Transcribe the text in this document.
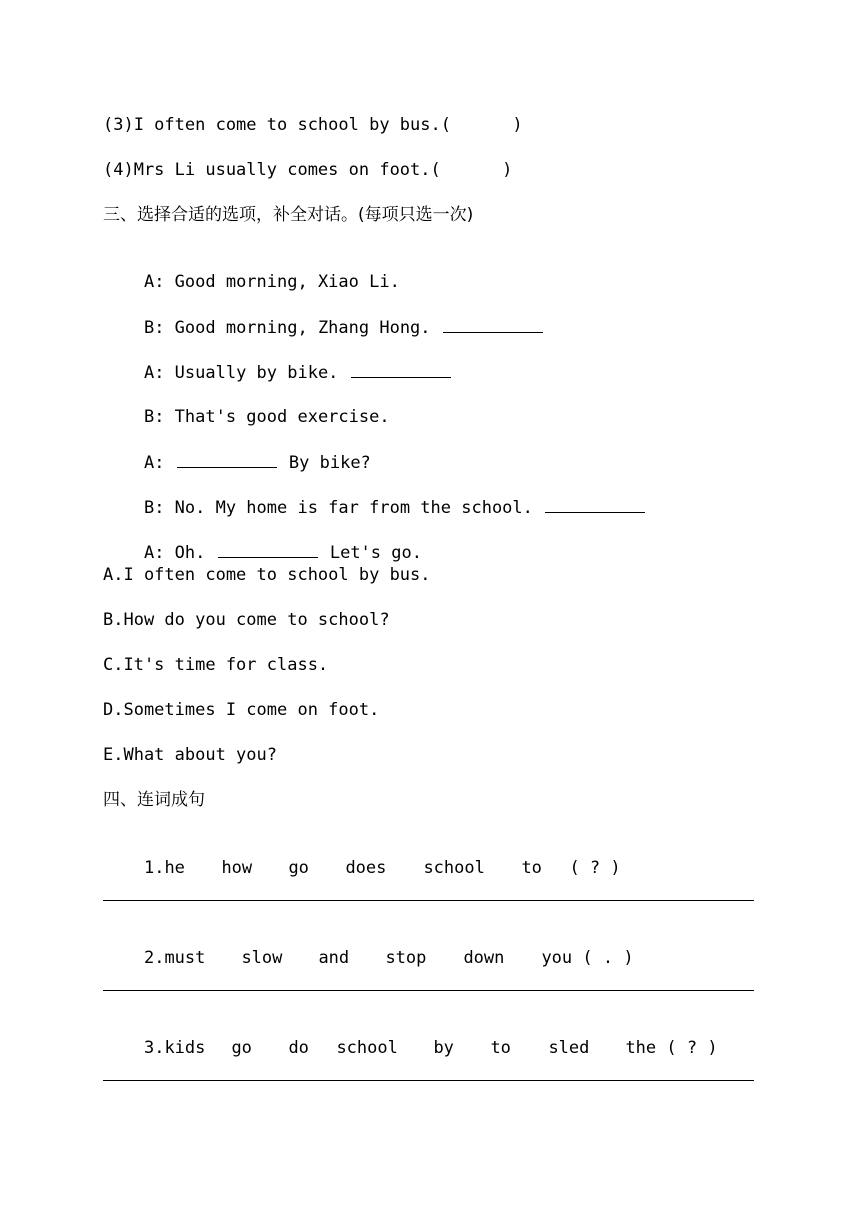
(3)I often come to school by bus.(      )
(4)Mrs Li usually comes on foot.(      )
三、选择合适的选项，补全对话。(每项只选一次)

A: Good morning, Xiao Li.

B: Good morning, Zhang Hong.

A: Usually by bike.

B: That's good exercise.

A:	By bike?

B: No. My home is far from the school.

A: Oh.	Let's go.

A.I often come to school by bus.
B.How do you come to school?
C.It's time for class.
D.Sometimes I come on foot.
E.What about you?
四、连词成句

1.he how go does school to ( ? )

2.must slow and stop down you ( . )

3.kids go do school by to sled the ( ? )
